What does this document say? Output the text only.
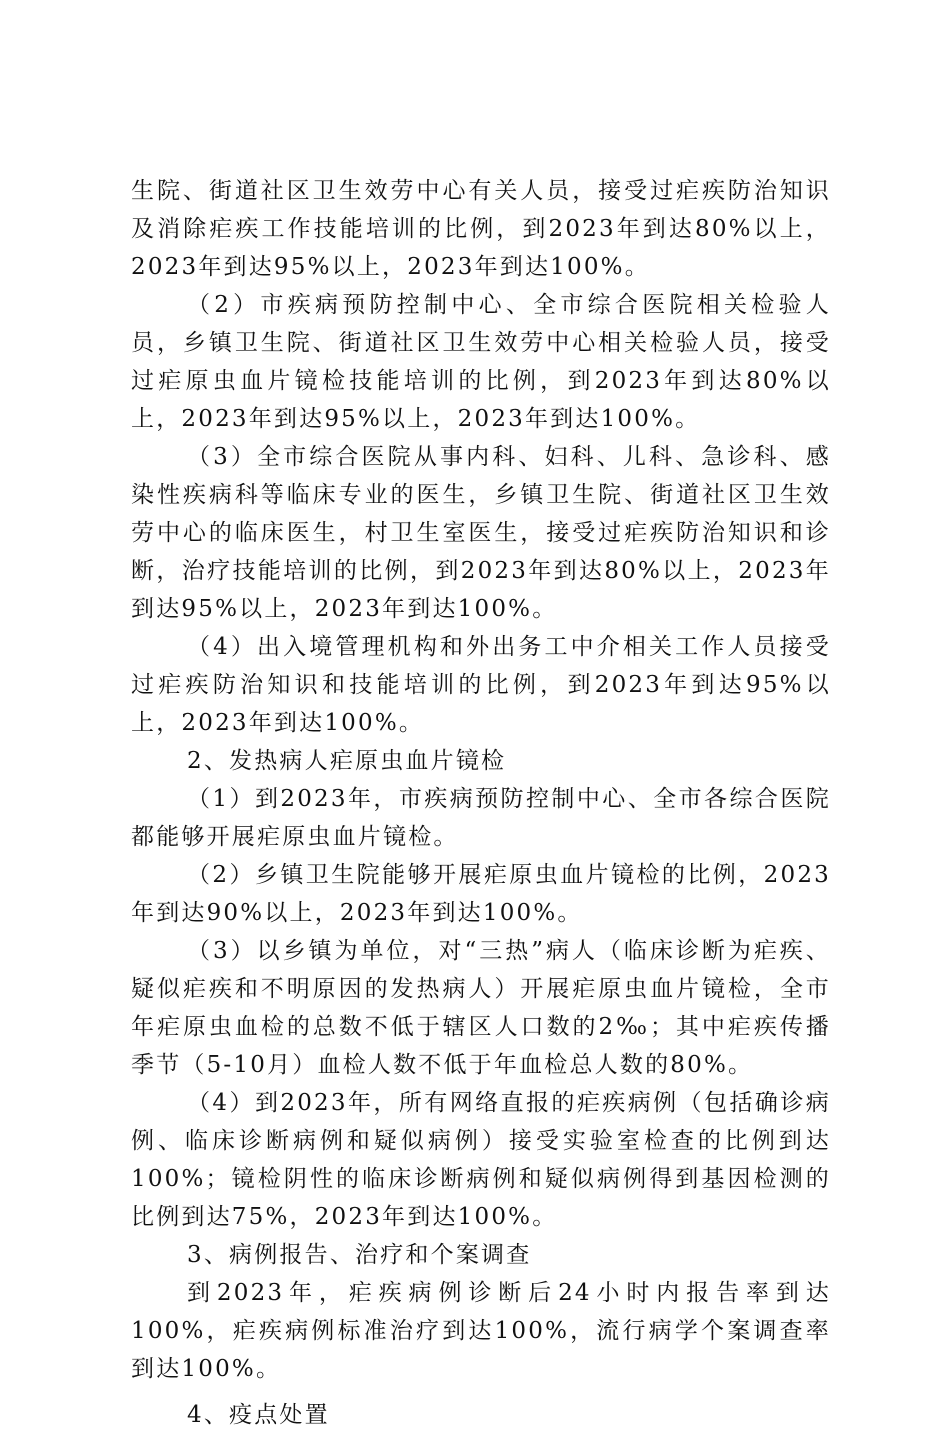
生院、街道社区卫生效劳中心有关人员，接受过疟疾防治知识及消除疟疾工作技能培训的比例，到2023年到达80%以上，2023年到达95%以上，2023年到达100%。

（2）市疾病预防控制中心、全市综合医院相关检验人员，乡镇卫生院、街道社区卫生效劳中心相关检验人员，接受过疟原虫血片镜检技能培训的比例，到2023年到达80%以上，2023年到达95%以上，2023年到达100%。

（3）全市综合医院从事内科、妇科、儿科、急诊科、感染性疾病科等临床专业的医生，乡镇卫生院、街道社区卫生效劳中心的临床医生，村卫生室医生，接受过疟疾防治知识和诊断，治疗技能培训的比例，到2023年到达80%以上，2023年到达95%以上，2023年到达100%。

（4）出入境管理机构和外出务工中介相关工作人员接受过疟疾防治知识和技能培训的比例，到2023年到达95%以上，2023年到达100%。

2、发热病人疟原虫血片镜检

（1）到2023年，市疾病预防控制中心、全市各综合医院都能够开展疟原虫血片镜检。

（2）乡镇卫生院能够开展疟原虫血片镜检的比例，2023年到达90%以上，2023年到达100%。

（3）以乡镇为单位，对“三热”病人（临床诊断为疟疾、疑似疟疾和不明原因的发热病人）开展疟原虫血片镜检，全市年疟原虫血检的总数不低于辖区人口数的2‰；其中疟疾传播季节（5-10月）血检人数不低于年血检总人数的80%。

（4）到2023年，所有网络直报的疟疾病例（包括确诊病例、临床诊断病例和疑似病例）接受实验室检查的比例到达100%；镜检阴性的临床诊断病例和疑似病例得到基因检测的比例到达75%，2023年到达100%。

3、病例报告、治疗和个案调查

到2023年，疟疾病例诊断后24小时内报告率到达100%，疟疾病例标准治疗到达100%，流行病学个案调查率到达100%。

4、疫点处置
